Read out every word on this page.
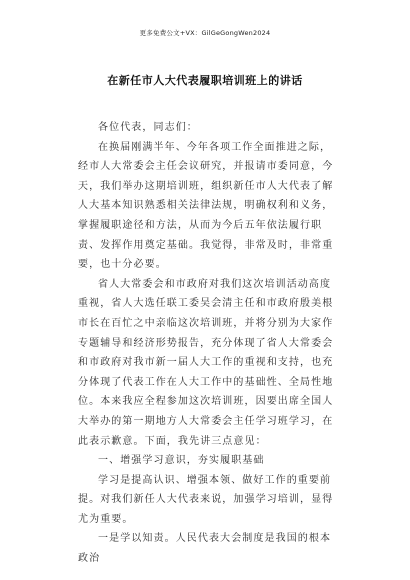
更多免费公文+VX：GilGeGongWen2024
在新任市人大代表履职培训班上的讲话

各位代表，同志们：

在换届刚满半年、今年各项工作全面推进之际，经市人大常委会主任会议研究，并报请市委同意，今天，我们举办这期培训班，组织新任市人大代表了解人大基本知识熟悉相关法律法规，明确权利和义务，掌握履职途径和方法，从而为今后五年依法履行职责、发挥作用奠定基础。我觉得，非常及时，非常重要，也十分必要。

省人大常委会和市政府对我们这次培训活动高度重视，省人大选任联工委吴会清主任和市政府殷美根市长在百忙之中亲临这次培训班，并将分别为大家作专题辅导和经济形势报告，充分体现了省人大常委会和市政府对我市新一届人大工作的重视和支持，也充分体现了代表工作在人大工作中的基础性、全局性地位。本来我应全程参加这次培训班，因要出席全国人大举办的第一期地方人大常委会主任学习班学习，在此表示歉意。下面，我先讲三点意见：

一、增强学习意识，夯实履职基础

学习是提高认识、增强本领、做好工作的重要前提。对我们新任人大代表来说，加强学习培训，显得尤为重要。

一是学以知责。人民代表大会制度是我国的根本政治
